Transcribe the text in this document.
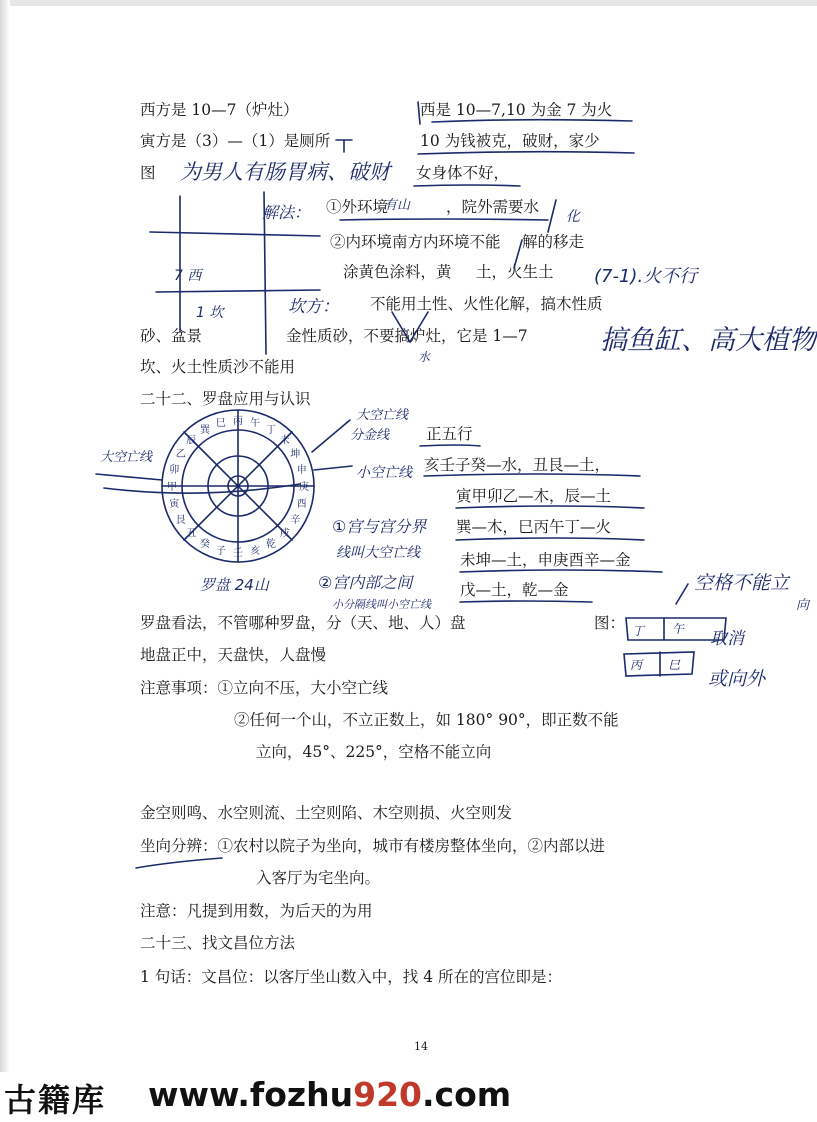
西方是 10—7（炉灶）	西是 10—7,10 为金 7 为火
寅方是（3）—（1）是厕所	10 为钱被克，破财，家少
图	女身体不好，
①外环境	，院外需要水
②内环境南方内环境不能 解的移走
涂黄色涂料，黄 土，火生土
不能用土性、火性化解，搞木性质
砂、盆景	金性质砂，不要搞炉灶，它是 1—7
坎、火土性质沙不能用
二十二、罗盘应用与认识
正五行
亥壬子癸—水，丑艮—土，
寅甲卯乙—木，辰—土
巽—木，巳丙午丁—火
未坤—土，申庚酉辛—金
戊—土，乾—金
罗盘看法，不管哪种罗盘，分（天、地、人）盘	图：
地盘正中，天盘快，人盘慢
注意事项：①立向不压，大小空亡线
②任何一个山，不立正数上，如 180° 90°，即正数不能
立向，45°、225°，空格不能立向
金空则鸣、水空则流、土空则陷、木空则损、火空则发
坐向分辨：①农村以院子为坐向，城市有楼房整体坐向，②内部以进
入客厅为宅坐向。
注意：凡提到用数，为后天的为用
二十三、找文昌位方法
1 句话：文昌位：以客厅坐山数入中，找 4 所在的宫位即是：
14
为男人有肠胃病、破财
解法：	有山
化
(7-1).火不行
坎方：
搞鱼缸、高大植物
水
7 西
1 坎
大空亡线
分金线
大空亡线
小空亡线
①宫与宫分界
线叫大空亡线
②宫内部之间
小分隔线叫小空亡线
罗盘 24山	空格不能立
向
取消
或向外
丁 午
丙 巳
丙 午
丁
未
坤
申
庚
酉
辛
戌
乾
亥
壬
子
癸
丑
艮
寅
甲
卯
乙
辰
巽
巳
古籍库 www.fozhu920.com
